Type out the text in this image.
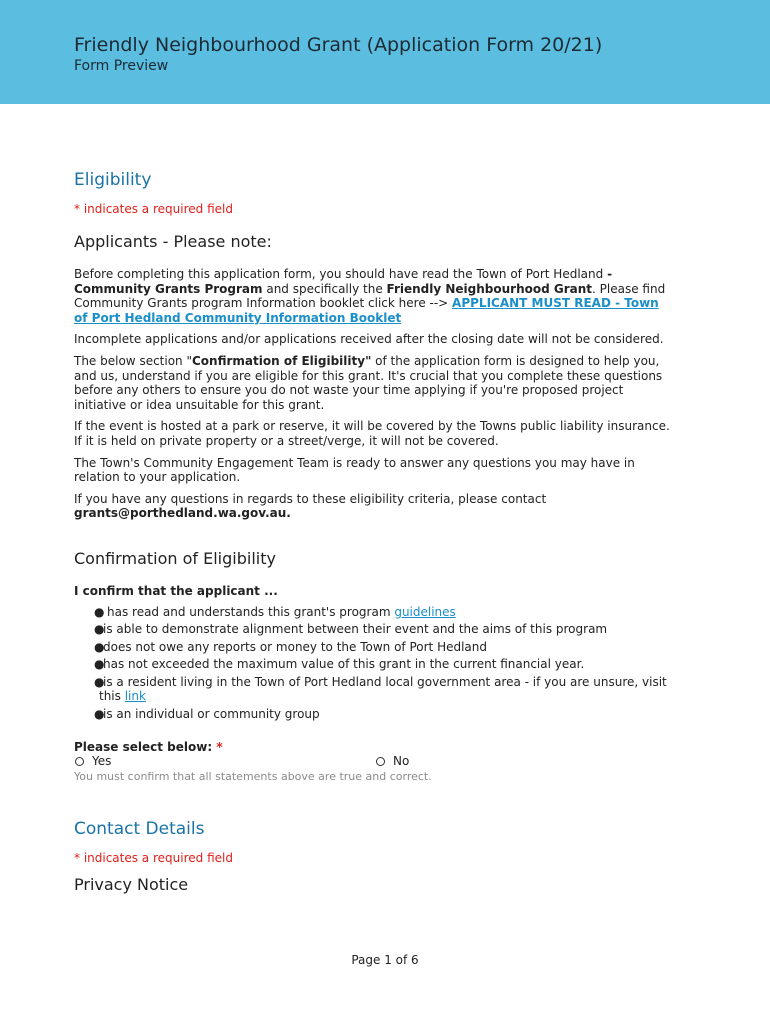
Friendly Neighbourhood Grant (Application Form 20/21)
Form Preview
Eligibility
* indicates a required field
Applicants - Please note:

Before completing this application form, you should have read the Town of Port Hedland - Community Grants Program and specifically the Friendly Neighbourhood Grant. Please find Community Grants program Information booklet click here --> APPLICANT MUST READ - Town of Port Hedland Community Information Booklet

Incomplete applications and/or applications received after the closing date will not be considered.

The below section "Confirmation of Eligibility" of the application form is designed to help you, and us, understand if you are eligible for this grant. It's crucial that you complete these questions before any others to ensure you do not waste your time applying if you're proposed project initiative or idea unsuitable for this grant.

If the event is hosted at a park or reserve, it will be covered by the Towns public liability insurance. If it is held on private property or a street/verge, it will not be covered.

The Town's Community Engagement Team is ready to answer any questions you may have in relation to your application.

If you have any questions in regards to these eligibility criteria, please contact grants@porthedland.wa.gov.au.

Confirmation of Eligibility

I confirm that the applicant ...

● has read and understands this grant's program guidelines
●
is able to demonstrate alignment between their event and the aims of this program
●
does not owe any reports or money to the Town of Port Hedland
●
has not exceeded the maximum value of this grant in the current financial year.
●
is a resident living in the Town of Port Hedland local government area - if you are unsure, visit this link
●
is an individual or community group

Please select below: *

Yes	No
You must confirm that all statements above are true and correct.
Contact Details
* indicates a required field
Privacy Notice
Page 1 of 6
